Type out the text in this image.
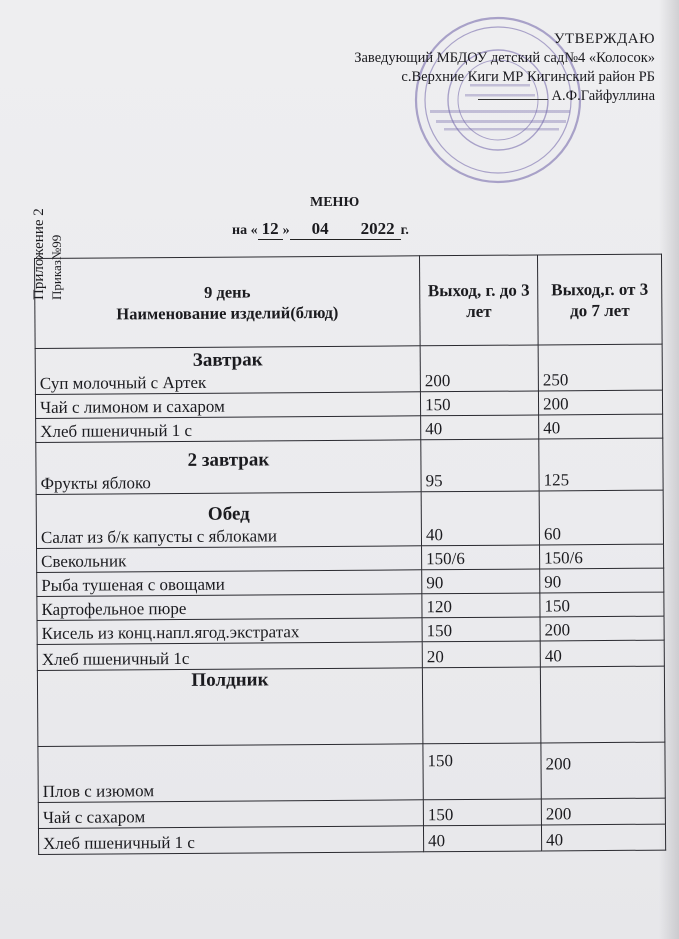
УТВЕРЖДАЮ
Заведующий МБДОУ детский сад№4 «Колосок»
с.Верхние Киги МР Кигинский район РБ
А.Ф.Гайфуллина
Приложение 2 Приказ№99
МЕНЮ
на « 12 » 04 2022 г.
9 день
Наименование изделий(блюд)	Выход, г. до 3 лет	Выход,г. от 3 до 7 лет

Завтрак
Суп молочный с Артек	200	250

Чай с лимоном и сахаром	150	200

Хлеб пшеничный 1 с	40	40

2 завтрак
Фрукты яблоко	95	125

Обед
Салат из б/к капусты с яблоками	40	60

Свекольник	150/6	150/6

Рыба тушеная с овощами	90	90

Картофельное пюре	120	150

Кисель из конц.напл.ягод.экстратах	150	200

Хлеб пшеничный 1с	20	40

Полдник		

Плов с изюмом	150	200

Чай с сахаром	150	200

Хлеб пшеничный 1 с	40	40
